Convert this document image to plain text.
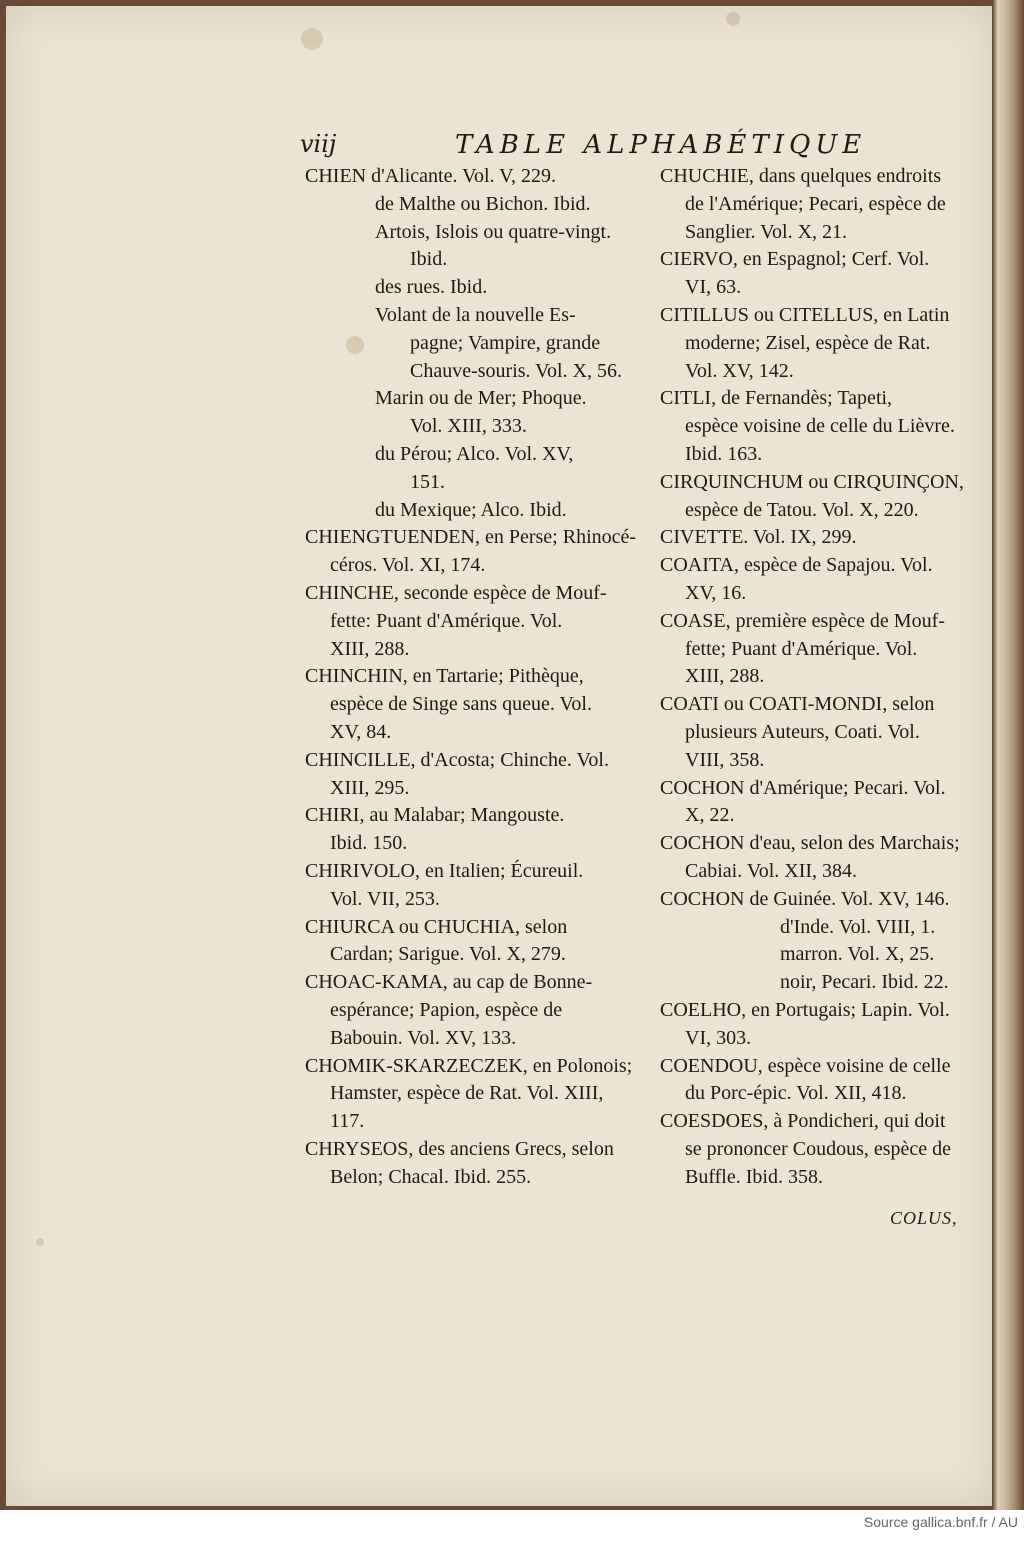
viij	TABLE ALPHABÉTIQUE
CHIEN d'Alicante. Vol. V, 229.
de Malthe ou Bichon. Ibid.
Artois, Islois ou quatre-vingt.
Ibid.
des rues. Ibid.
Volant de la nouvelle Es-
pagne; Vampire, grande
Chauve-souris. Vol. X, 56.
Marin ou de Mer; Phoque.
Vol. XIII, 333.
du Pérou; Alco. Vol. XV,
151.
du Mexique; Alco. Ibid.
CHIENGTUENDEN, en Perse; Rhinocé-
céros. Vol. XI, 174.
CHINCHE, seconde espèce de Mouf-
fette: Puant d'Amérique. Vol.
XIII, 288.
CHINCHIN, en Tartarie; Pithèque,
espèce de Singe sans queue. Vol.
XV, 84.
CHINCILLE, d'Acosta; Chinche. Vol.
XIII, 295.
CHIRI, au Malabar; Mangouste.
Ibid. 150.
CHIRIVOLO, en Italien; Écureuil.
Vol. VII, 253.
CHIURCA ou CHUCHIA, selon
Cardan; Sarigue. Vol. X, 279.
CHOAC-KAMA, au cap de Bonne-
espérance; Papion, espèce de
Babouin. Vol. XV, 133.
CHOMIK-SKARZECZEK, en Polonois;
Hamster, espèce de Rat. Vol. XIII,
117.
CHRYSEOS, des anciens Grecs, selon
Belon; Chacal. Ibid. 255.
CHUCHIE, dans quelques endroits
de l'Amérique; Pecari, espèce de
Sanglier. Vol. X, 21.
CIERVO, en Espagnol; Cerf. Vol.
VI, 63.
CITILLUS ou CITELLUS, en Latin
moderne; Zisel, espèce de Rat.
Vol. XV, 142.
CITLI, de Fernandès; Tapeti,
espèce voisine de celle du Lièvre.
Ibid. 163.
CIRQUINCHUM ou CIRQUINÇON,
espèce de Tatou. Vol. X, 220.
CIVETTE. Vol. IX, 299.
COAITA, espèce de Sapajou. Vol.
XV, 16.
COASE, première espèce de Mouf-
fette; Puant d'Amérique. Vol.
XIII, 288.
COATI ou COATI-MONDI, selon
plusieurs Auteurs, Coati. Vol.
VIII, 358.
COCHON d'Amérique; Pecari. Vol.
X, 22.
COCHON d'eau, selon des Marchais;
Cabiai. Vol. XII, 384.
COCHON de Guinée. Vol. XV, 146.
d'Inde. Vol. VIII, 1.
marron. Vol. X, 25.
noir, Pecari. Ibid. 22.
COELHO, en Portugais; Lapin. Vol.
VI, 303.
COENDOU, espèce voisine de celle
du Porc-épic. Vol. XII, 418.
COESDOES, à Pondicheri, qui doit
se prononcer Coudous, espèce de
Buffle. Ibid. 358.
COLUS,
Source gallica.bnf.fr / AU
